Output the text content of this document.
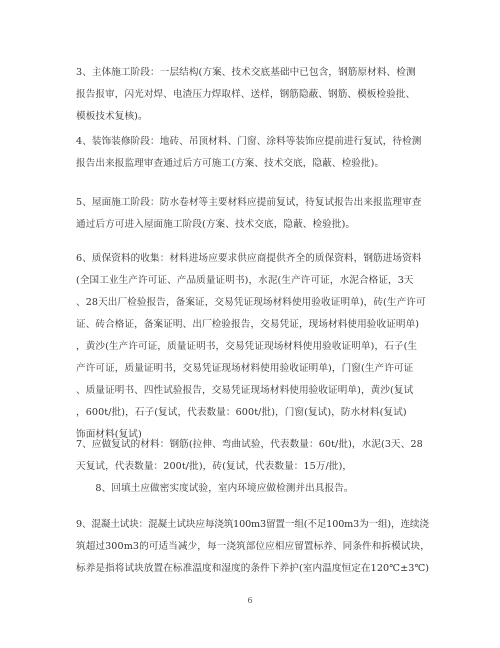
3、主体施工阶段：一层结构(方案、技术交底基础中已包含，钢筋原材料、检测
报告报审，闪光对焊、电渣压力焊取样、送样，钢筋隐蔽、钢筋、模板检验批、
模板技术复核)。
4、装饰装修阶段：地砖、吊顶材料、门窗、涂料等装饰应提前进行复试，待检测
报告出来报监理审查通过后方可施工(方案、技术交底，隐蔽、检验批)。
5、屋面施工阶段：防水卷材等主要材料应提前复试，待复试报告出来报监理审查
通过后方可进入屋面施工阶段(方案、技术交底，隐蔽、检验批)。
6、质保资料的收集：材料进场应要求供应商提供齐全的质保资料，钢筋进场资料
(全国工业生产许可证、产品质量证明书)，水泥(生产许可证，水泥合格证，3天
、28天出厂检验报告，备案证，交易凭证现场材料使用验收证明单)，砖(生产许可
证、砖合格证，备案证明、出厂检验报告，交易凭证，现场材料使用验收证明单)
，黄沙(生产许可证，质量证明书，交易凭证现场材料使用验收证明单)，石子(生
产许可证，质量证明书，交易凭证现场材料使用验收证明单)，门窗(生产许可证
、质量证明书、四性试验报告，交易凭证现场材料使用验收证明单)，黄沙(复试
，600t/批)，石子(复试，代表数量：600t/批)，门窗(复试)，防水材料(复试)
饰面材料(复试)
7、应做复试的材料：钢筋(拉伸、弯曲试验，代表数量：60t/批)，水泥(3天、28
天复试，代表数量：200t/批)，砖(复试，代表数量：15万/批)，
　　8、回填土应做密实度试验，室内环境应做检测并出具报告。
9、混凝土试块：混凝土试块应每浇筑100m3留置一组(不足100m3为一组)，连续浇
筑超过300m3的可适当减少，每一浇筑部位应相应留置标养、同条件和拆模试块，
标养是指将试块放置在标准温度和湿度的条件下养护(室内温度恒定在120℃±3℃)
6
